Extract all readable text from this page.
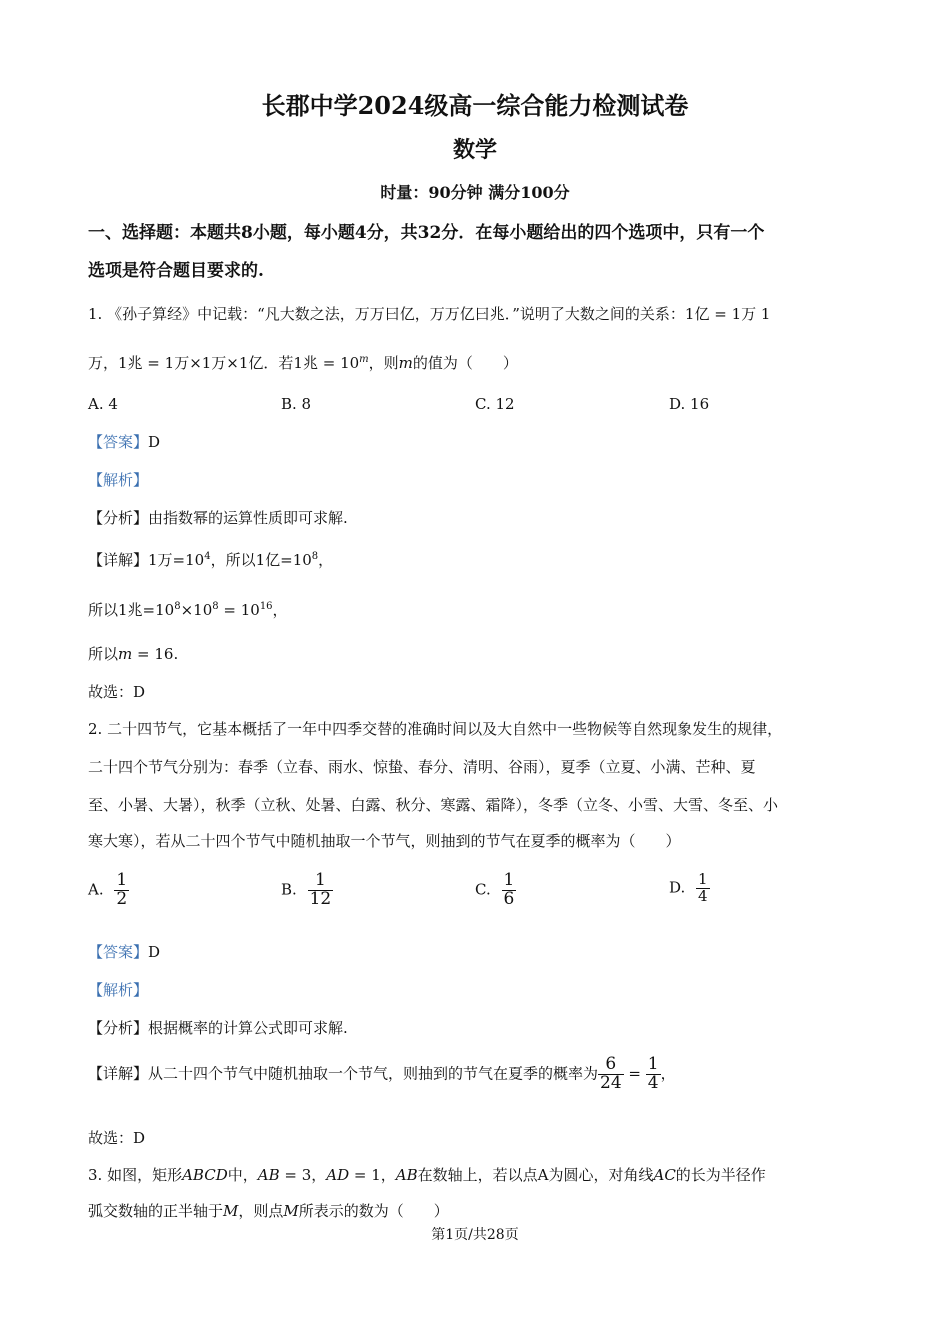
长郡中学2024级高一综合能力检测试卷
数学
时量：90分钟 满分100分
一、选择题：本题共8小题，每小题4分，共32分．在每小题给出的四个选项中，只有一个
选项是符合题目要求的.
1. 《孙子算经》中记载：“凡大数之法，万万曰亿，万万亿曰兆．”说明了大数之间的关系：1亿 = 1万 1
万，1兆 = 1万×1万×1亿．若1兆 = $10^m$，则m的值为（　　）
A. 4	B. 8	C. 12	D. 16
【答案】D
【解析】
【分析】由指数幂的运算性质即可求解.
【详解】1万$=10^4$，所以1亿$=10^8$，
所以1兆$=10^8\times 10^8 = 10^{16}$，
所以m = 16.
故选：D
2. 二十四节气，它基本概括了一年中四季交替的准确时间以及大自然中一些物候等自然现象发生的规律，
二十四个节气分别为：春季（立春、雨水、惊蛰、春分、清明、谷雨），夏季（立夏、小满、芒种、夏
至、小暑、大暑），秋季（立秋、处暑、白露、秋分、寒露、霜降），冬季（立冬、小雪、大雪、冬至、小
寒大寒），若从二十四个节气中随机抽取一个节气，则抽到的节气在夏季的概率为（　　）
A. $\frac{1}{2}$	B. $\frac{1}{12}$	C. $\frac{1}{6}$	D. $\frac{1}{4}$
【答案】D
【解析】
【分析】根据概率的计算公式即可求解.
【详解】从二十四个节气中随机抽取一个节气，则抽到的节气在夏季的概率为 $\frac{6}{24} = \frac{1}{4}$ ，
故选：D
3. 如图，矩形ABCD中，AB = 3，AD = 1，AB在数轴上，若以点A为圆心，对角线AC的长为半径作
弧交数轴的正半轴于M，则点M所表示的数为（　　）
第1页/共28页
